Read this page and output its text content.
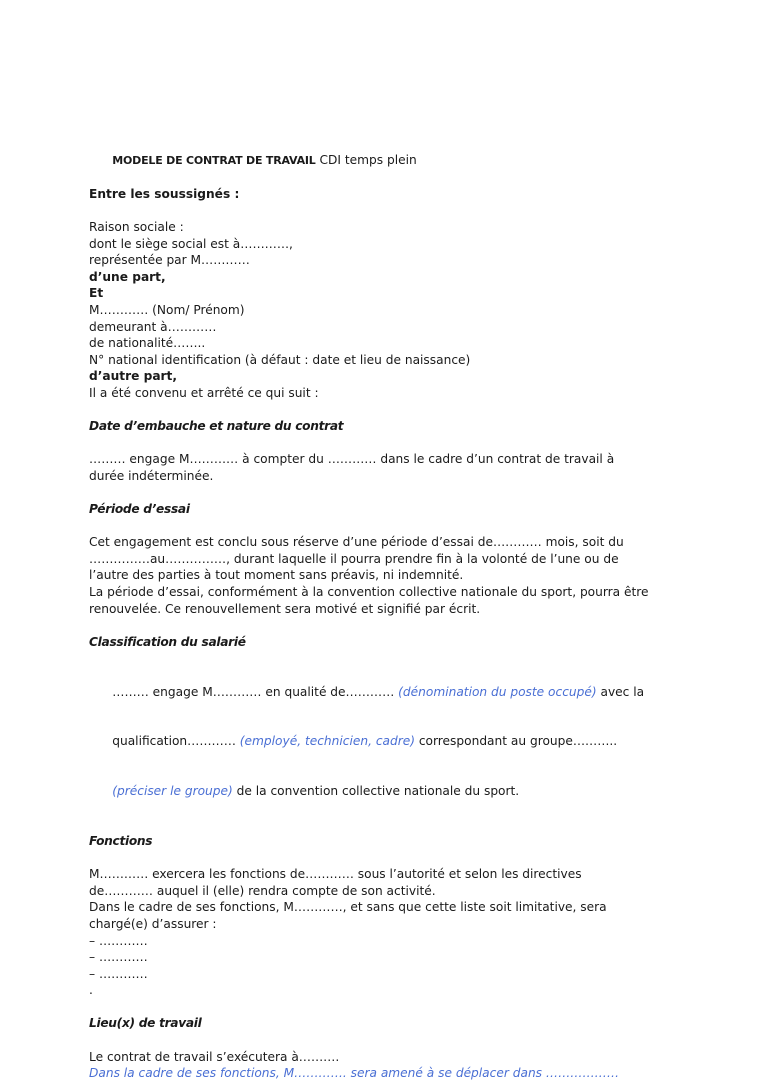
MODELE DE CONTRAT DE TRAVAIL CDI temps plein

Entre les soussignés :
Raison sociale :
dont le siège social est à…………,
représentée par M…………
d’une part,
Et
M………… (Nom/ Prénom)
demeurant à…………
de nationalité……..
N° national identification (à défaut : date et lieu de naissance)
d’autre part,
Il a été convenu et arrêté ce qui suit :
Date d’embauche et nature du contrat
……… engage M………… à compter du ………… dans le cadre d’un contrat de travail à
durée indéterminée.
Période d’essai
Cet engagement est conclu sous réserve d’une période d’essai de………… mois, soit du
……………au……………, durant laquelle il pourra prendre fin à la volonté de l’une ou de
l’autre des parties à tout moment sans préavis, ni indemnité.
La période d’essai, conformément à la convention collective nationale du sport, pourra être
renouvelée. Ce renouvellement sera motivé et signifié par écrit.
Classification du salarié

……… engage M………… en qualité de………… (dénomination du poste occupé) avec la

qualification………… (employé, technicien, cadre) correspondant au groupe………..

(préciser le groupe) de la convention collective nationale du sport.

Fonctions
M………… exercera les fonctions de………… sous l’autorité et selon les directives
de………… auquel il (elle) rendra compte de son activité.
Dans le cadre de ses fonctions, M…………, et sans que cette liste soit limitative, sera
chargé(e) d’assurer :
– …………
– …………
– …………
.
Lieu(x) de travail
Le contrat de travail s’exécutera à……….
Dans la cadre de ses fonctions, M…………. sera amené à se déplacer dans ………………
